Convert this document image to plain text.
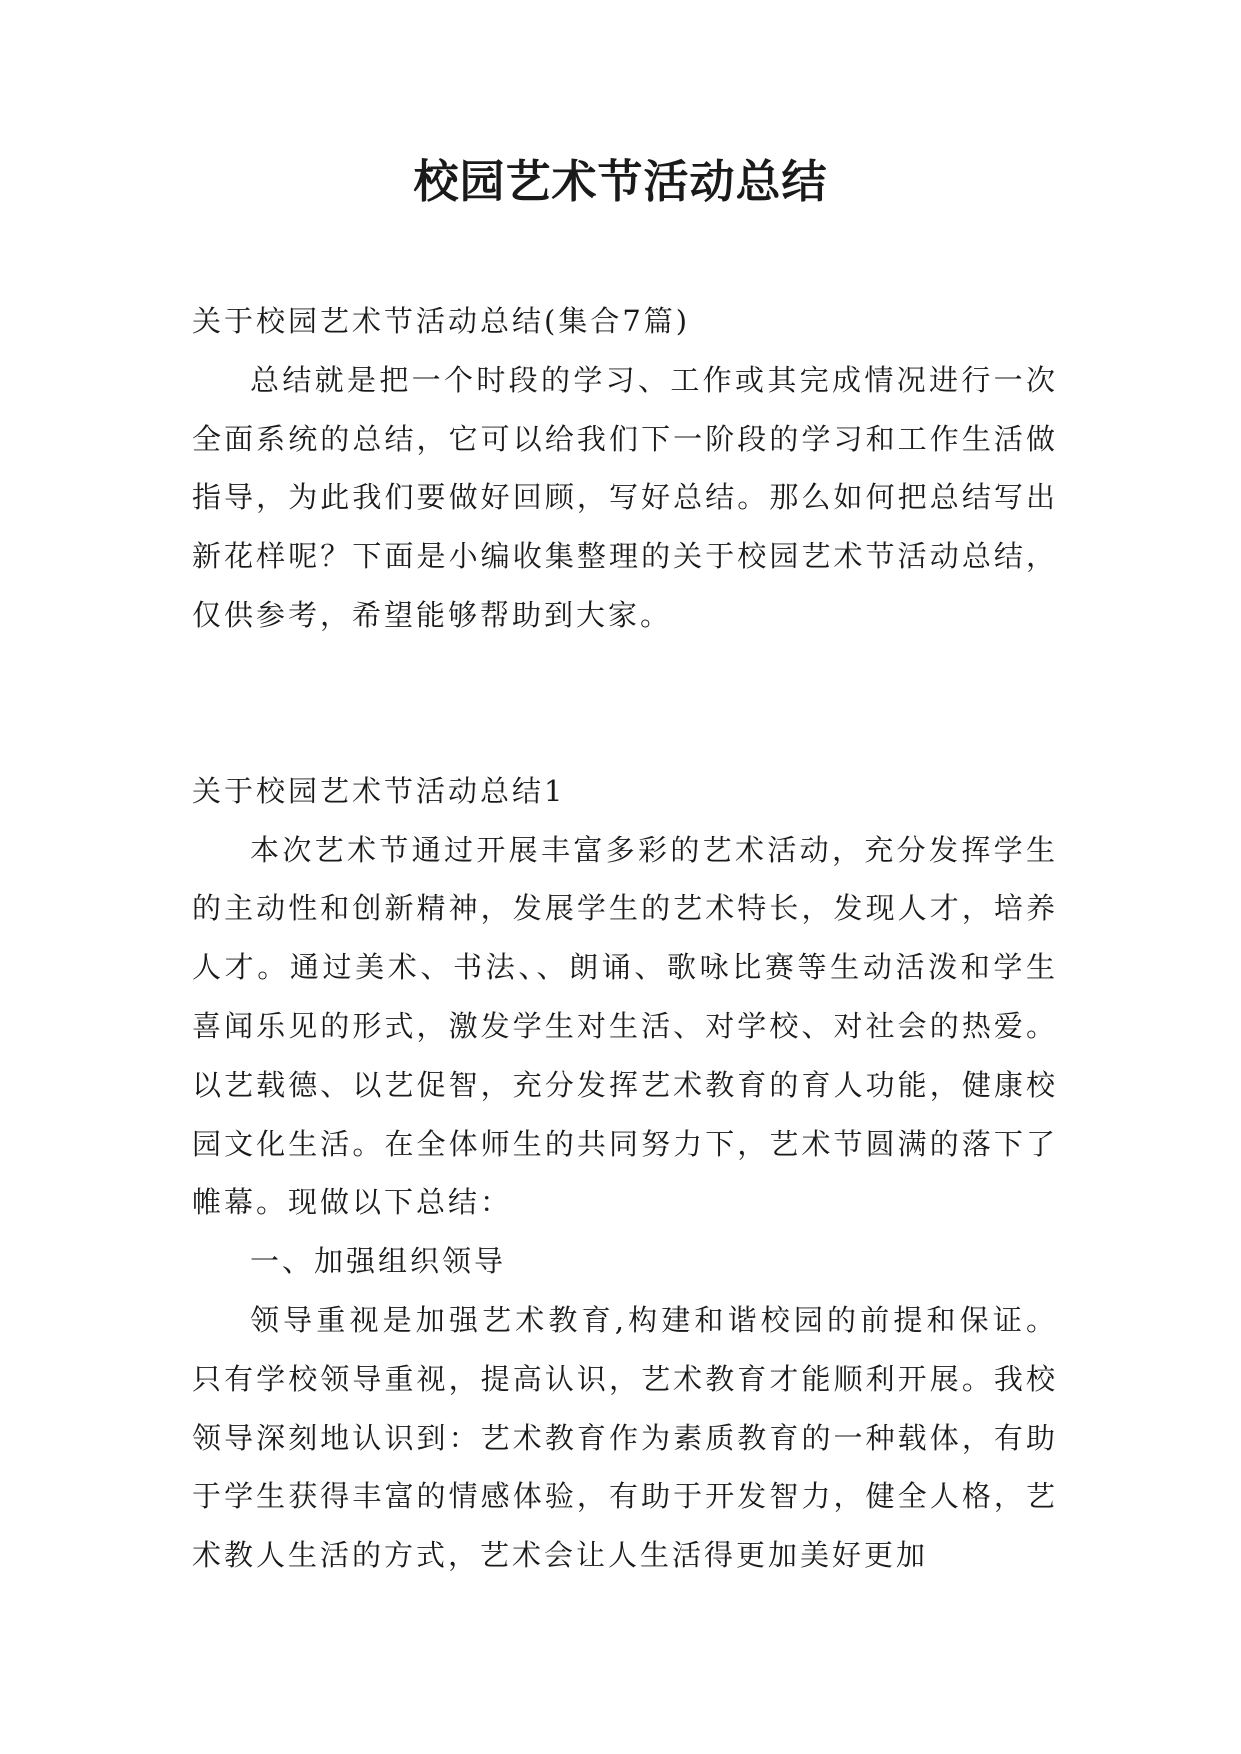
校园艺术节活动总结

关于校园艺术节活动总结(集合7篇)

总结就是把一个时段的学习、工作或其完成情况进行一次全面系统的总结，它可以给我们下一阶段的学习和工作生活做指导，为此我们要做好回顾，写好总结。那么如何把总结写出新花样呢？下面是小编收集整理的关于校园艺术节活动总结，仅供参考，希望能够帮助到大家。

关于校园艺术节活动总结1

本次艺术节通过开展丰富多彩的艺术活动，充分发挥学生的主动性和创新精神，发展学生的艺术特长，发现人才，培养人才。通过美术、书法、、朗诵、歌咏比赛等生动活泼和学生喜闻乐见的形式，激发学生对生活、对学校、对社会的热爱。以艺载德、以艺促智，充分发挥艺术教育的育人功能，健康校园文化生活。在全体师生的共同努力下，艺术节圆满的落下了帷幕。现做以下总结：

一、加强组织领导

领导重视是加强艺术教育,构建和谐校园的前提和保证。只有学校领导重视，提高认识，艺术教育才能顺利开展。我校领导深刻地认识到：艺术教育作为素质教育的一种载体，有助于学生获得丰富的情感体验，有助于开发智力，健全人格，艺术教人生活的方式，艺术会让人生活得更加美好更加
